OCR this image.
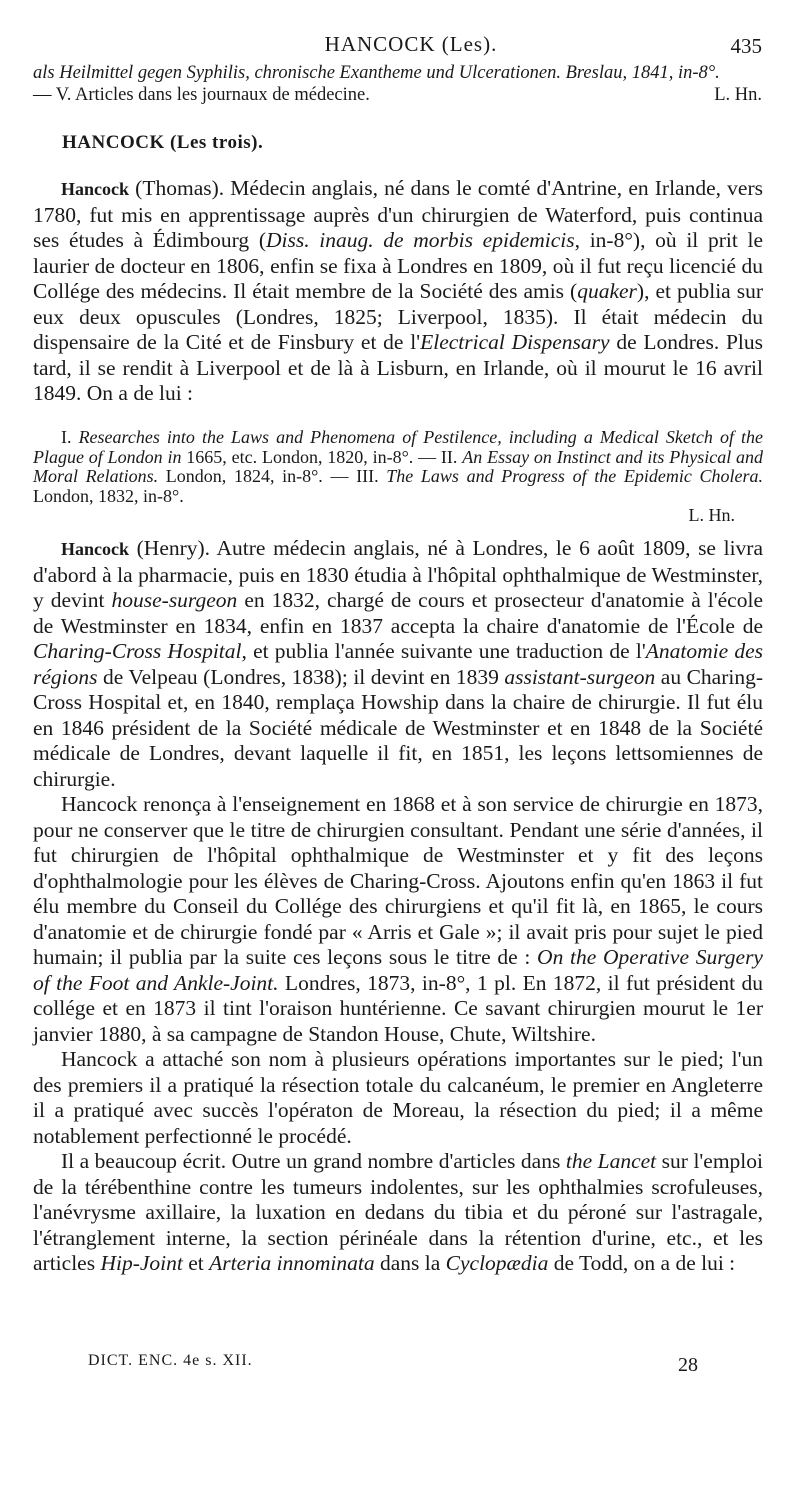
HANCOCK (Les).	435
als Heilmittel gegen Syphilis, chronische Exantheme und Ulcerationen. Breslau, 1841, in-8°.
— V. Articles dans les journaux de médecine.	L. Hn.
HANCOCK (Les trois).

Hancock (Thomas). Médecin anglais, né dans le comté d'Antrine, en Irlande, vers 1780, fut mis en apprentissage auprès d'un chirurgien de Waterford, puis continua ses études à Édimbourg (Diss. inaug. de morbis epidemicis, in-8°), où il prit le laurier de docteur en 1806, enfin se fixa à Londres en 1809, où il fut reçu licencié du Collége des médecins. Il était membre de la Société des amis (quaker), et publia sur eux deux opuscules (Londres, 1825; Liverpool, 1835). Il était médecin du dispensaire de la Cité et de Finsbury et de l'Electrical Dispensary de Londres. Plus tard, il se rendit à Liverpool et de là à Lisburn, en Irlande, où il mourut le 16 avril 1849. On a de lui :

I. Researches into the Laws and Phenomena of Pestilence, including a Medical Sketch of the Plague of London in 1665, etc. London, 1820, in-8°. — II. An Essay on Instinct and its Physical and Moral Relations. London, 1824, in-8°. — III. The Laws and Progress of the Epidemic Cholera. London, 1832, in-8°.
L. Hn.

Hancock (Henry). Autre médecin anglais, né à Londres, le 6 août 1809, se livra d'abord à la pharmacie, puis en 1830 étudia à l'hôpital ophthalmique de Westminster, y devint house-surgeon en 1832, chargé de cours et prosecteur d'anatomie à l'école de Westminster en 1834, enfin en 1837 accepta la chaire d'anatomie de l'École de Charing-Cross Hospital, et publia l'année suivante une traduction de l'Anatomie des régions de Velpeau (Londres, 1838); il devint en 1839 assistant-surgeon au Charing-Cross Hospital et, en 1840, remplaça Howship dans la chaire de chirurgie. Il fut élu en 1846 président de la Société médicale de Westminster et en 1848 de la Société médicale de Londres, devant laquelle il fit, en 1851, les leçons lettsomiennes de chirurgie.

Hancock renonça à l'enseignement en 1868 et à son service de chirurgie en 1873, pour ne conserver que le titre de chirurgien consultant. Pendant une série d'années, il fut chirurgien de l'hôpital ophthalmique de Westminster et y fit des leçons d'ophthalmologie pour les élèves de Charing-Cross. Ajoutons enfin qu'en 1863 il fut élu membre du Conseil du Collége des chirurgiens et qu'il fit là, en 1865, le cours d'anatomie et de chirurgie fondé par « Arris et Gale »; il avait pris pour sujet le pied humain; il publia par la suite ces leçons sous le titre de : On the Operative Surgery of the Foot and Ankle-Joint. Londres, 1873, in-8°, 1 pl. En 1872, il fut président du collége et en 1873 il tint l'oraison huntérienne. Ce savant chirurgien mourut le 1er janvier 1880, à sa campagne de Standon House, Chute, Wiltshire.

Hancock a attaché son nom à plusieurs opérations importantes sur le pied; l'un des premiers il a pratiqué la résection totale du calcanéum, le premier en Angleterre il a pratiqué avec succès l'opératon de Moreau, la résection du pied; il a même notablement perfectionné le procédé.

Il a beaucoup écrit. Outre un grand nombre d'articles dans the Lancet sur l'emploi de la térébenthine contre les tumeurs indolentes, sur les ophthalmies scrofuleuses, l'anévrysme axillaire, la luxation en dedans du tibia et du péroné sur l'astragale, l'étranglement interne, la section périnéale dans la rétention d'urine, etc., et les articles Hip-Joint et Arteria innominata dans la Cyclopædia de Todd, on a de lui :

DICT. ENC. 4e s. XII.	28
